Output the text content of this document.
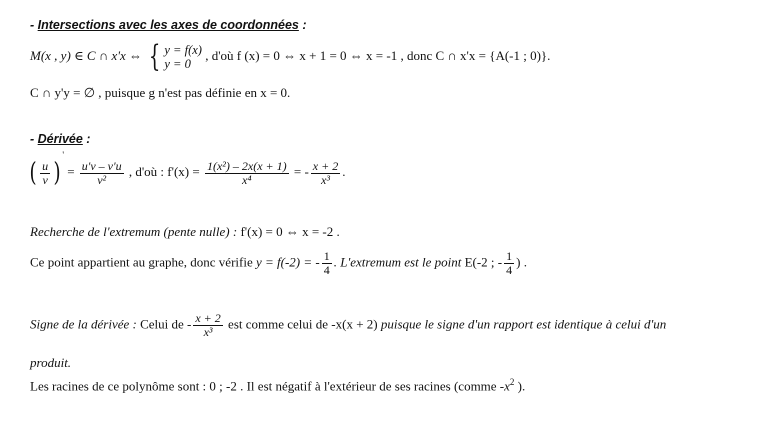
- Intersections avec les axes de coordonnées :
M(x , y) ∈ C ∩ x'x ⇔ { y = f(x)
y = 0
, d'où f (x) = 0 ⇔ x + 1 = 0 ⇔ x = -1 , donc C ∩ x'x = {A(-1 ; 0)}.
C ∩ y'y = ∅ , puisque g n'est pas définie en x = 0.
- Dérivée :
( $\frac{u}{v} )' = \frac{u'v - v'u}{\text{v²}}$ , d'où : $f'(x) = \frac{\text{1(x²) – 2x(x + 1)}}{\text{x⁴}}$ = - $\frac{x + 2}{\text{x³}}$ .
Recherche de l'extremum (pente nulle) : f'(x) = 0 ⇔ x = -2 .
Ce point appartient au graphe, donc vérifie y = f(-2) = - $\frac{1}{4}$ . L'extremum est le point E(-2 ; - $\frac{1}{4}$ ) .
Signe de la dérivée : Celui de - $\frac{x + 2}{\text{x³}}$ est comme celui de -x(x + 2) puisque le signe d'un rapport est identique à celui d'un
produit.
Les racines de ce polynôme sont : 0 ; -2 . Il est négatif à l'extérieur de ses racines (comme $-x^2$ ).
